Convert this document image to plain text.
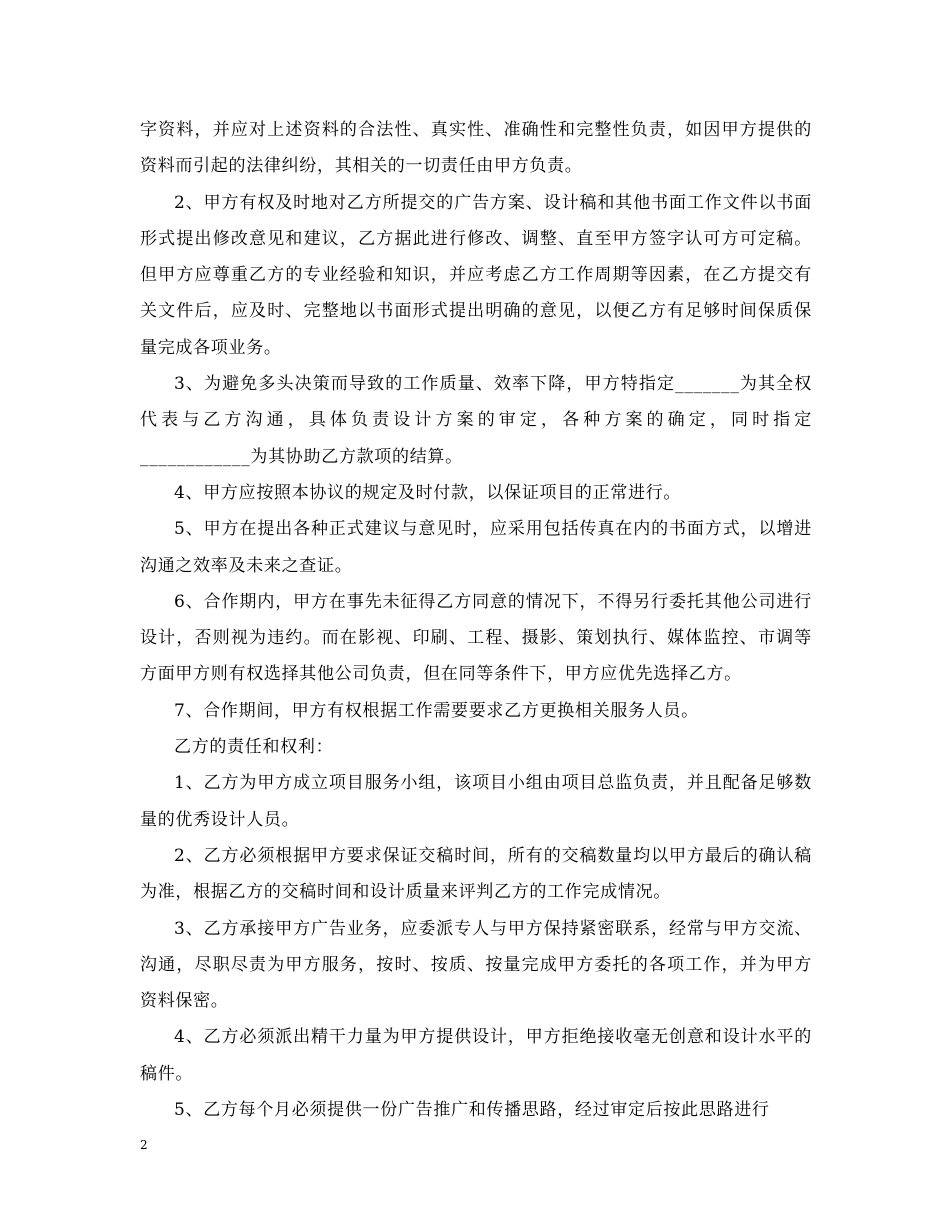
字资料，并应对上述资料的合法性、真实性、准确性和完整性负责，如因甲方提供的资料而引起的法律纠纷，其相关的一切责任由甲方负责。

2、甲方有权及时地对乙方所提交的广告方案、设计稿和其他书面工作文件以书面形式提出修改意见和建议，乙方据此进行修改、调整、直至甲方签字认可方可定稿。但甲方应尊重乙方的专业经验和知识，并应考虑乙方工作周期等因素，在乙方提交有关文件后，应及时、完整地以书面形式提出明确的意见，以便乙方有足够时间保质保量完成各项业务。

3、为避免多头决策而导致的工作质量、效率下降，甲方特指定_______为其全权代表与乙方沟通，具体负责设计方案的审定，各种方案的确定，同时指定____________为其协助乙方款项的结算。

4、甲方应按照本协议的规定及时付款，以保证项目的正常进行。

5、甲方在提出各种正式建议与意见时，应采用包括传真在内的书面方式，以增进沟通之效率及未来之查证。

6、合作期内，甲方在事先未征得乙方同意的情况下，不得另行委托其他公司进行设计，否则视为违约。而在影视、印刷、工程、摄影、策划执行、媒体监控、市调等方面甲方则有权选择其他公司负责，但在同等条件下，甲方应优先选择乙方。

7、合作期间，甲方有权根据工作需要要求乙方更换相关服务人员。

乙方的责任和权利：

1、乙方为甲方成立项目服务小组，该项目小组由项目总监负责，并且配备足够数量的优秀设计人员。

2、乙方必须根据甲方要求保证交稿时间，所有的交稿数量均以甲方最后的确认稿为准，根据乙方的交稿时间和设计质量来评判乙方的工作完成情况。

3、乙方承接甲方广告业务，应委派专人与甲方保持紧密联系，经常与甲方交流、沟通，尽职尽责为甲方服务，按时、按质、按量完成甲方委托的各项工作，并为甲方资料保密。

4、乙方必须派出精干力量为甲方提供设计，甲方拒绝接收毫无创意和设计水平的稿件。

5、乙方每个月必须提供一份广告推广和传播思路，经过审定后按此思路进行

2
